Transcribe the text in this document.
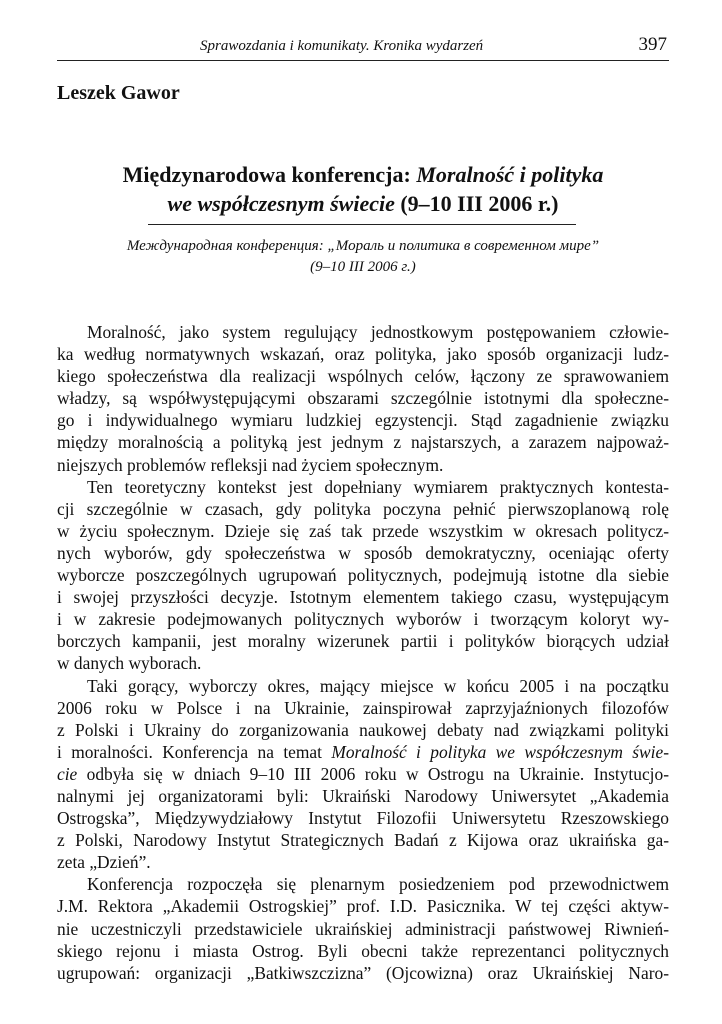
Sprawozdania i komunikaty. Kronika wydarzeń	397
Leszek Gawor
Międzynarodowa konferencja: Moralność i polityka
we współczesnym świecie (9–10 III 2006 r.)
Международная конференция: „Мораль и политика в современном мире”
(9–10 III 2006 г.)
Moralność, jako system regulujący jednostkowym postępowaniem człowie-
ka według normatywnych wskazań, oraz polityka, jako sposób organizacji ludz-
kiego społeczeństwa dla realizacji wspólnych celów, łączony ze sprawowaniem
władzy, są współwystępującymi obszarami szczególnie istotnymi dla społeczne-
go i indywidualnego wymiaru ludzkiej egzystencji. Stąd zagadnienie związku
między moralnością a polityką jest jednym z najstarszych, a zarazem najpoważ-
niejszych problemów refleksji nad życiem społecznym.
Ten teoretyczny kontekst jest dopełniany wymiarem praktycznych kontesta-
cji szczególnie w czasach, gdy polityka poczyna pełnić pierwszoplanową rolę
w życiu społecznym. Dzieje się zaś tak przede wszystkim w okresach politycz-
nych wyborów, gdy społeczeństwa w sposób demokratyczny, oceniając oferty
wyborcze poszczególnych ugrupowań politycznych, podejmują istotne dla siebie
i swojej przyszłości decyzje. Istotnym elementem takiego czasu, występującym
i w zakresie podejmowanych politycznych wyborów i tworzącym koloryt wy-
borczych kampanii, jest moralny wizerunek partii i polityków biorących udział
w danych wyborach.
Taki gorący, wyborczy okres, mający miejsce w końcu 2005 i na początku
2006 roku w Polsce i na Ukrainie, zainspirował zaprzyjaźnionych filozofów
z Polski i Ukrainy do zorganizowania naukowej debaty nad związkami polityki
i moralności. Konferencja na temat Moralność i polityka we współczesnym świe-
cie odbyła się w dniach 9–10 III 2006 roku w Ostrogu na Ukrainie. Instytucjo-
nalnymi jej organizatorami byli: Ukraiński Narodowy Uniwersytet „Akademia
Ostrogska”, Międzywydziałowy Instytut Filozofii Uniwersytetu Rzeszowskiego
z Polski, Narodowy Instytut Strategicznych Badań z Kijowa oraz ukraińska ga-
zeta „Dzień”.
Konferencja rozpoczęła się plenarnym posiedzeniem pod przewodnictwem
J.M. Rektora „Akademii Ostrogskiej” prof. I.D. Pasicznika. W tej części aktyw-
nie uczestniczyli przedstawiciele ukraińskiej administracji państwowej Riwnień-
skiego rejonu i miasta Ostrog. Byli obecni także reprezentanci politycznych
ugrupowań: organizacji „Batkiwszczizna” (Ojcowizna) oraz Ukraińskiej Naro-
